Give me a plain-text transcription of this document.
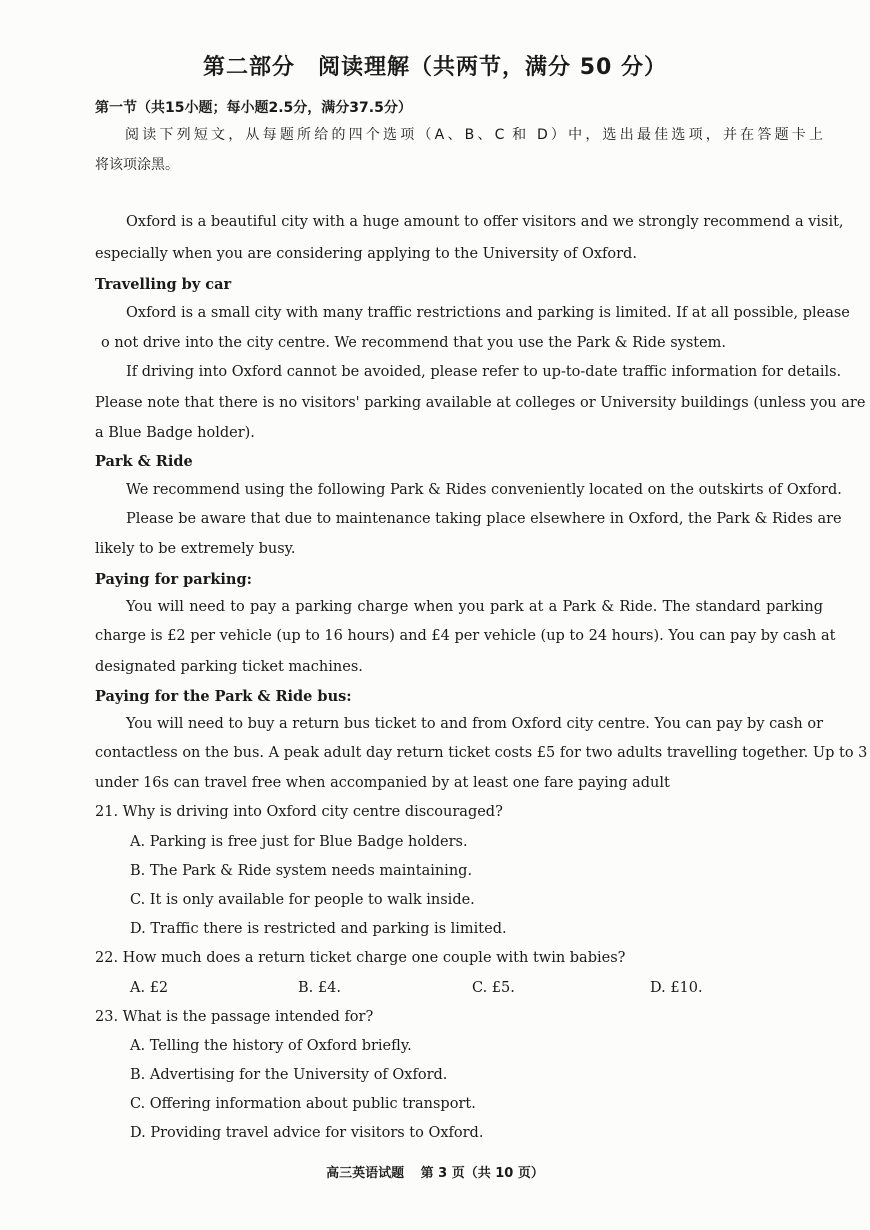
第二部分　阅读理解（共两节，满分 50 分）
第一节（共15小题；每小题2.5分，满分37.5分）
阅读下列短文，从每题所给的四个选项（A、B、C 和 D）中，选出最佳选项，并在答题卡上
将该项涂黑。
Oxford is a beautiful city with a huge amount to offer visitors and we strongly recommend a visit,
especially when you are considering applying to the University of Oxford.
Travelling by car
Oxford is a small city with many traffic restrictions and parking is limited. If at all possible, please
o not drive into the city centre. We recommend that you use the Park & Ride system.
If driving into Oxford cannot be avoided, please refer to up-to-date traffic information for details.
Please note that there is no visitors' parking available at colleges or University buildings (unless you are
a Blue Badge holder).
Park & Ride
We recommend using the following Park & Rides conveniently located on the outskirts of Oxford.
Please be aware that due to maintenance taking place elsewhere in Oxford, the Park & Rides are
likely to be extremely busy.
Paying for parking:
You will need to pay a parking charge when you park at a Park & Ride. The standard parking
charge is £2 per vehicle (up to 16 hours) and £4 per vehicle (up to 24 hours). You can pay by cash at
designated parking ticket machines.
Paying for the Park & Ride bus:
You will need to buy a return bus ticket to and from Oxford city centre. You can pay by cash or
contactless on the bus. A peak adult day return ticket costs £5 for two adults travelling together. Up to 3
under 16s can travel free when accompanied by at least one fare paying adult
21. Why is driving into Oxford city centre discouraged?
A. Parking is free just for Blue Badge holders.
B. The Park & Ride system needs maintaining.
C. It is only available for people to walk inside.
D. Traffic there is restricted and parking is limited.
22. How much does a return ticket charge one couple with twin babies?
A. £2	B. £4.	C. £5.	D. £10.
23. What is the passage intended for?
A. Telling the history of Oxford briefly.
B. Advertising for the University of Oxford.
C. Offering information about public transport.
D. Providing travel advice for visitors to Oxford.
高三英语试题 第 3 页（共 10 页）
